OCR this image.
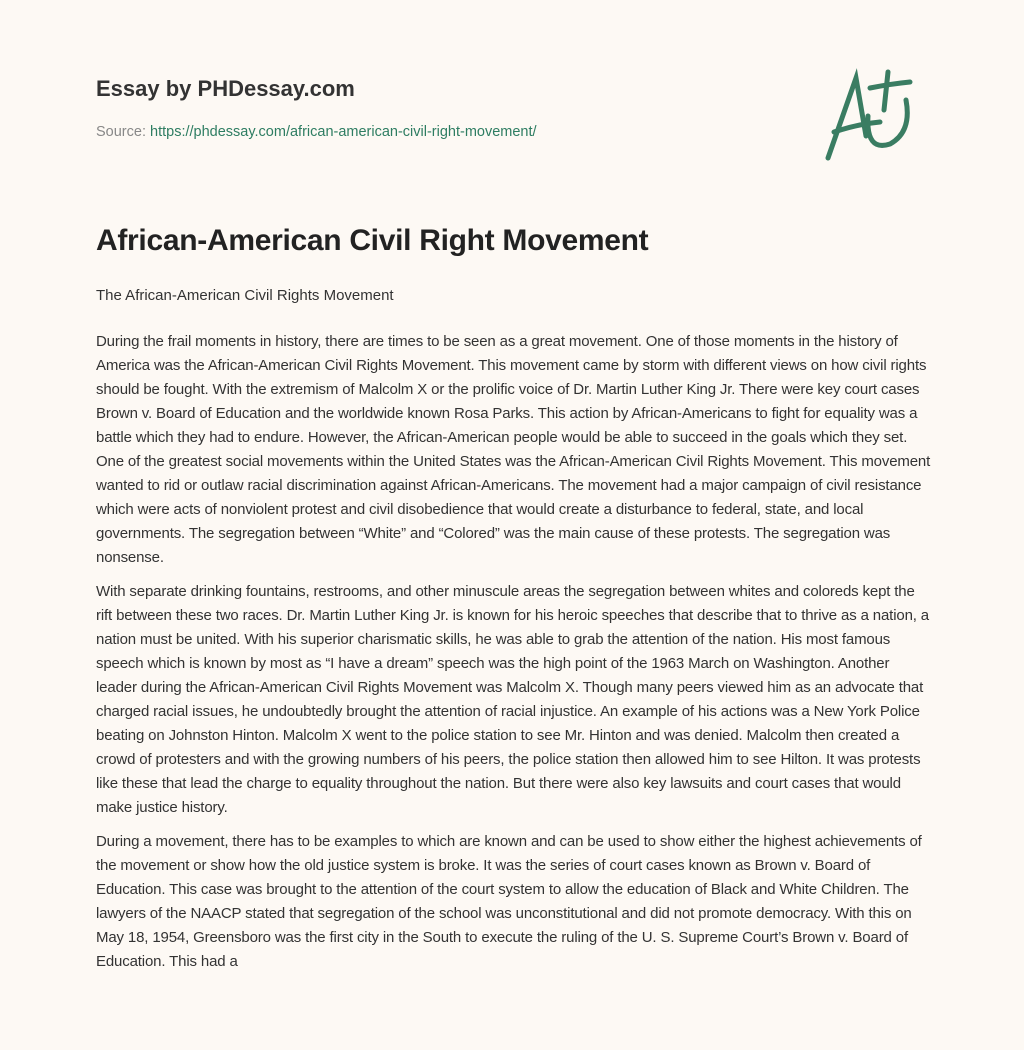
Essay by PHDessay.com
Source: https://phdessay.com/african-american-civil-right-movement/
African-American Civil Right Movement
The African-American Civil Rights Movement

During the frail moments in history, there are times to be seen as a great movement. One of those moments in the history of America was the African-American Civil Rights Movement. This movement came by storm with different views on how civil rights should be fought. With the extremism of Malcolm X or the prolific voice of Dr. Martin Luther King Jr. There were key court cases Brown v. Board of Education and the worldwide known Rosa Parks. This action by African-Americans to fight for equality was a battle which they had to endure. However, the African-American people would be able to succeed in the goals which they set. One of the greatest social movements within the United States was the African-American Civil Rights Movement. This movement wanted to rid or outlaw racial discrimination against African-Americans. The movement had a major campaign of civil resistance which were acts of nonviolent protest and civil disobedience that would create a disturbance to federal, state, and local governments. The segregation between “White” and “Colored” was the main cause of these protests. The segregation was nonsense.

With separate drinking fountains, restrooms, and other minuscule areas the segregation between whites and coloreds kept the rift between these two races. Dr. Martin Luther King Jr. is known for his heroic speeches that describe that to thrive as a nation, a nation must be united. With his superior charismatic skills, he was able to grab the attention of the nation. His most famous speech which is known by most as “I have a dream” speech was the high point of the 1963 March on Washington. Another leader during the African-American Civil Rights Movement was Malcolm X. Though many peers viewed him as an advocate that charged racial issues, he undoubtedly brought the attention of racial injustice. An example of his actions was a New York Police beating on Johnston Hinton. Malcolm X went to the police station to see Mr. Hinton and was denied. Malcolm then created a crowd of protesters and with the growing numbers of his peers, the police station then allowed him to see Hilton. It was protests like these that lead the charge to equality throughout the nation. But there were also key lawsuits and court cases that would make justice history.

During a movement, there has to be examples to which are known and can be used to show either the highest achievements of the movement or show how the old justice system is broke. It was the series of court cases known as Brown v. Board of Education. This case was brought to the attention of the court system to allow the education of Black and White Children. The lawyers of the NAACP stated that segregation of the school was unconstitutional and did not promote democracy. With this on May 18, 1954, Greensboro was the first city in the South to execute the ruling of the U. S. Supreme Court’s Brown v. Board of Education. This had a
